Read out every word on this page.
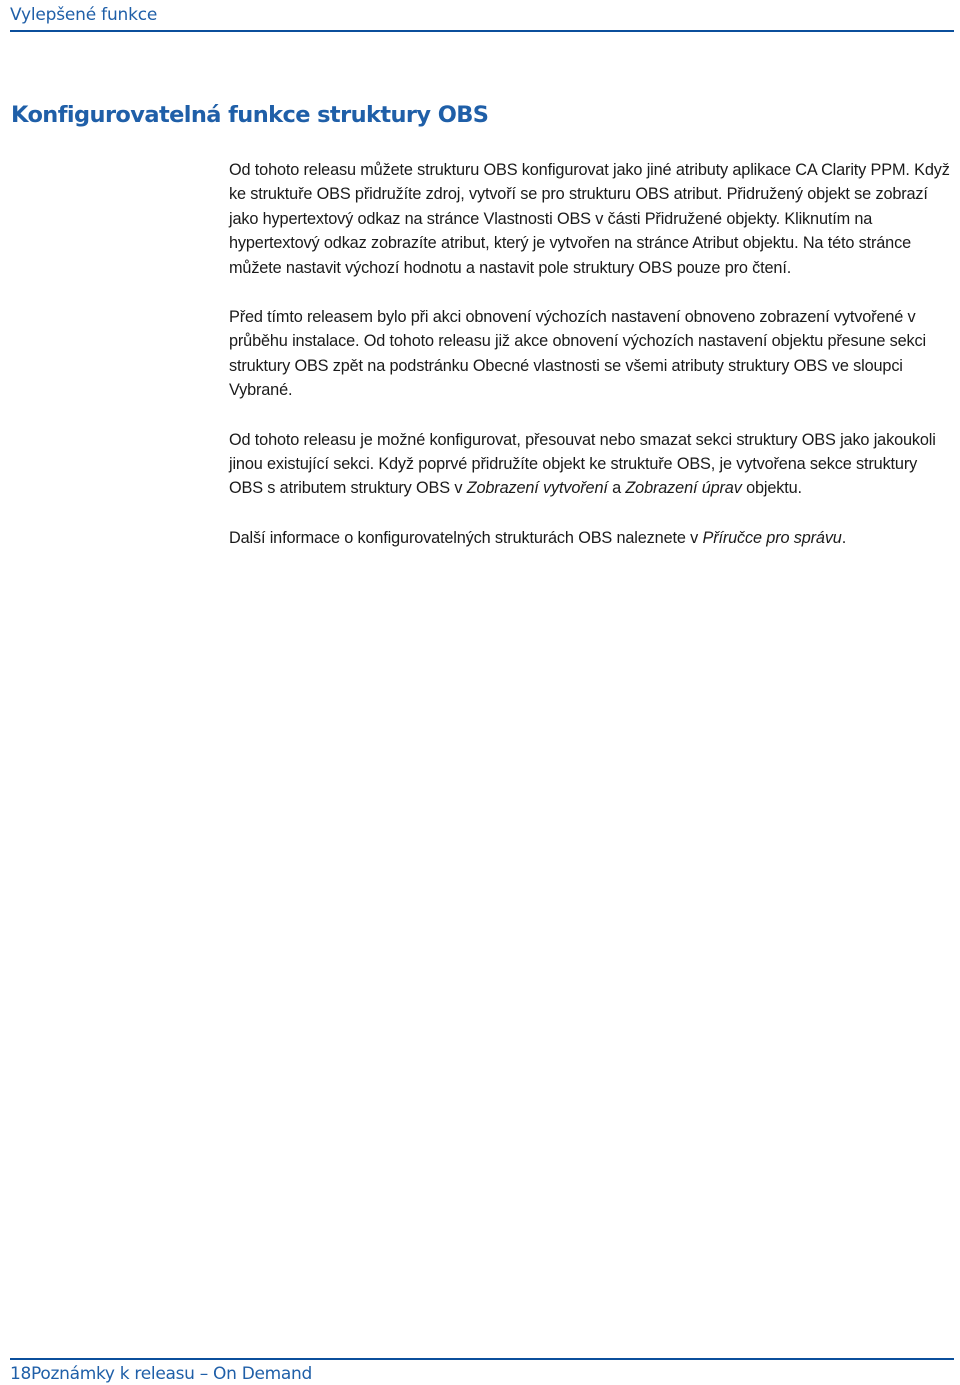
Vylepšené funkce
Konfigurovatelná funkce struktury OBS

Od tohoto releasu můžete strukturu OBS konfigurovat jako jiné atributy aplikace CA Clarity PPM. Když ke struktuře OBS přidružíte zdroj, vytvoří se pro strukturu OBS atribut. Přidružený objekt se zobrazí jako hypertextový odkaz na stránce Vlastnosti OBS v části Přidružené objekty. Kliknutím na hypertextový odkaz zobrazíte atribut, který je vytvořen na stránce Atribut objektu. Na této stránce můžete nastavit výchozí hodnotu a nastavit pole struktury OBS pouze pro čtení.

Před tímto releasem bylo při akci obnovení výchozích nastavení obnoveno zobrazení vytvořené v průběhu instalace. Od tohoto releasu již akce obnovení výchozích nastavení objektu přesune sekci struktury OBS zpět na podstránku Obecné vlastnosti se všemi atributy struktury OBS ve sloupci Vybrané.

Od tohoto releasu je možné konfigurovat, přesouvat nebo smazat sekci struktury OBS jako jakoukoli jinou existující sekci. Když poprvé přidružíte objekt ke struktuře OBS, je vytvořena sekce struktury OBS s atributem struktury OBS v Zobrazení vytvoření a Zobrazení úprav objektu.

Další informace o konfigurovatelných strukturách OBS naleznete v Příručce pro správu.

18Poznámky k releasu – On Demand
